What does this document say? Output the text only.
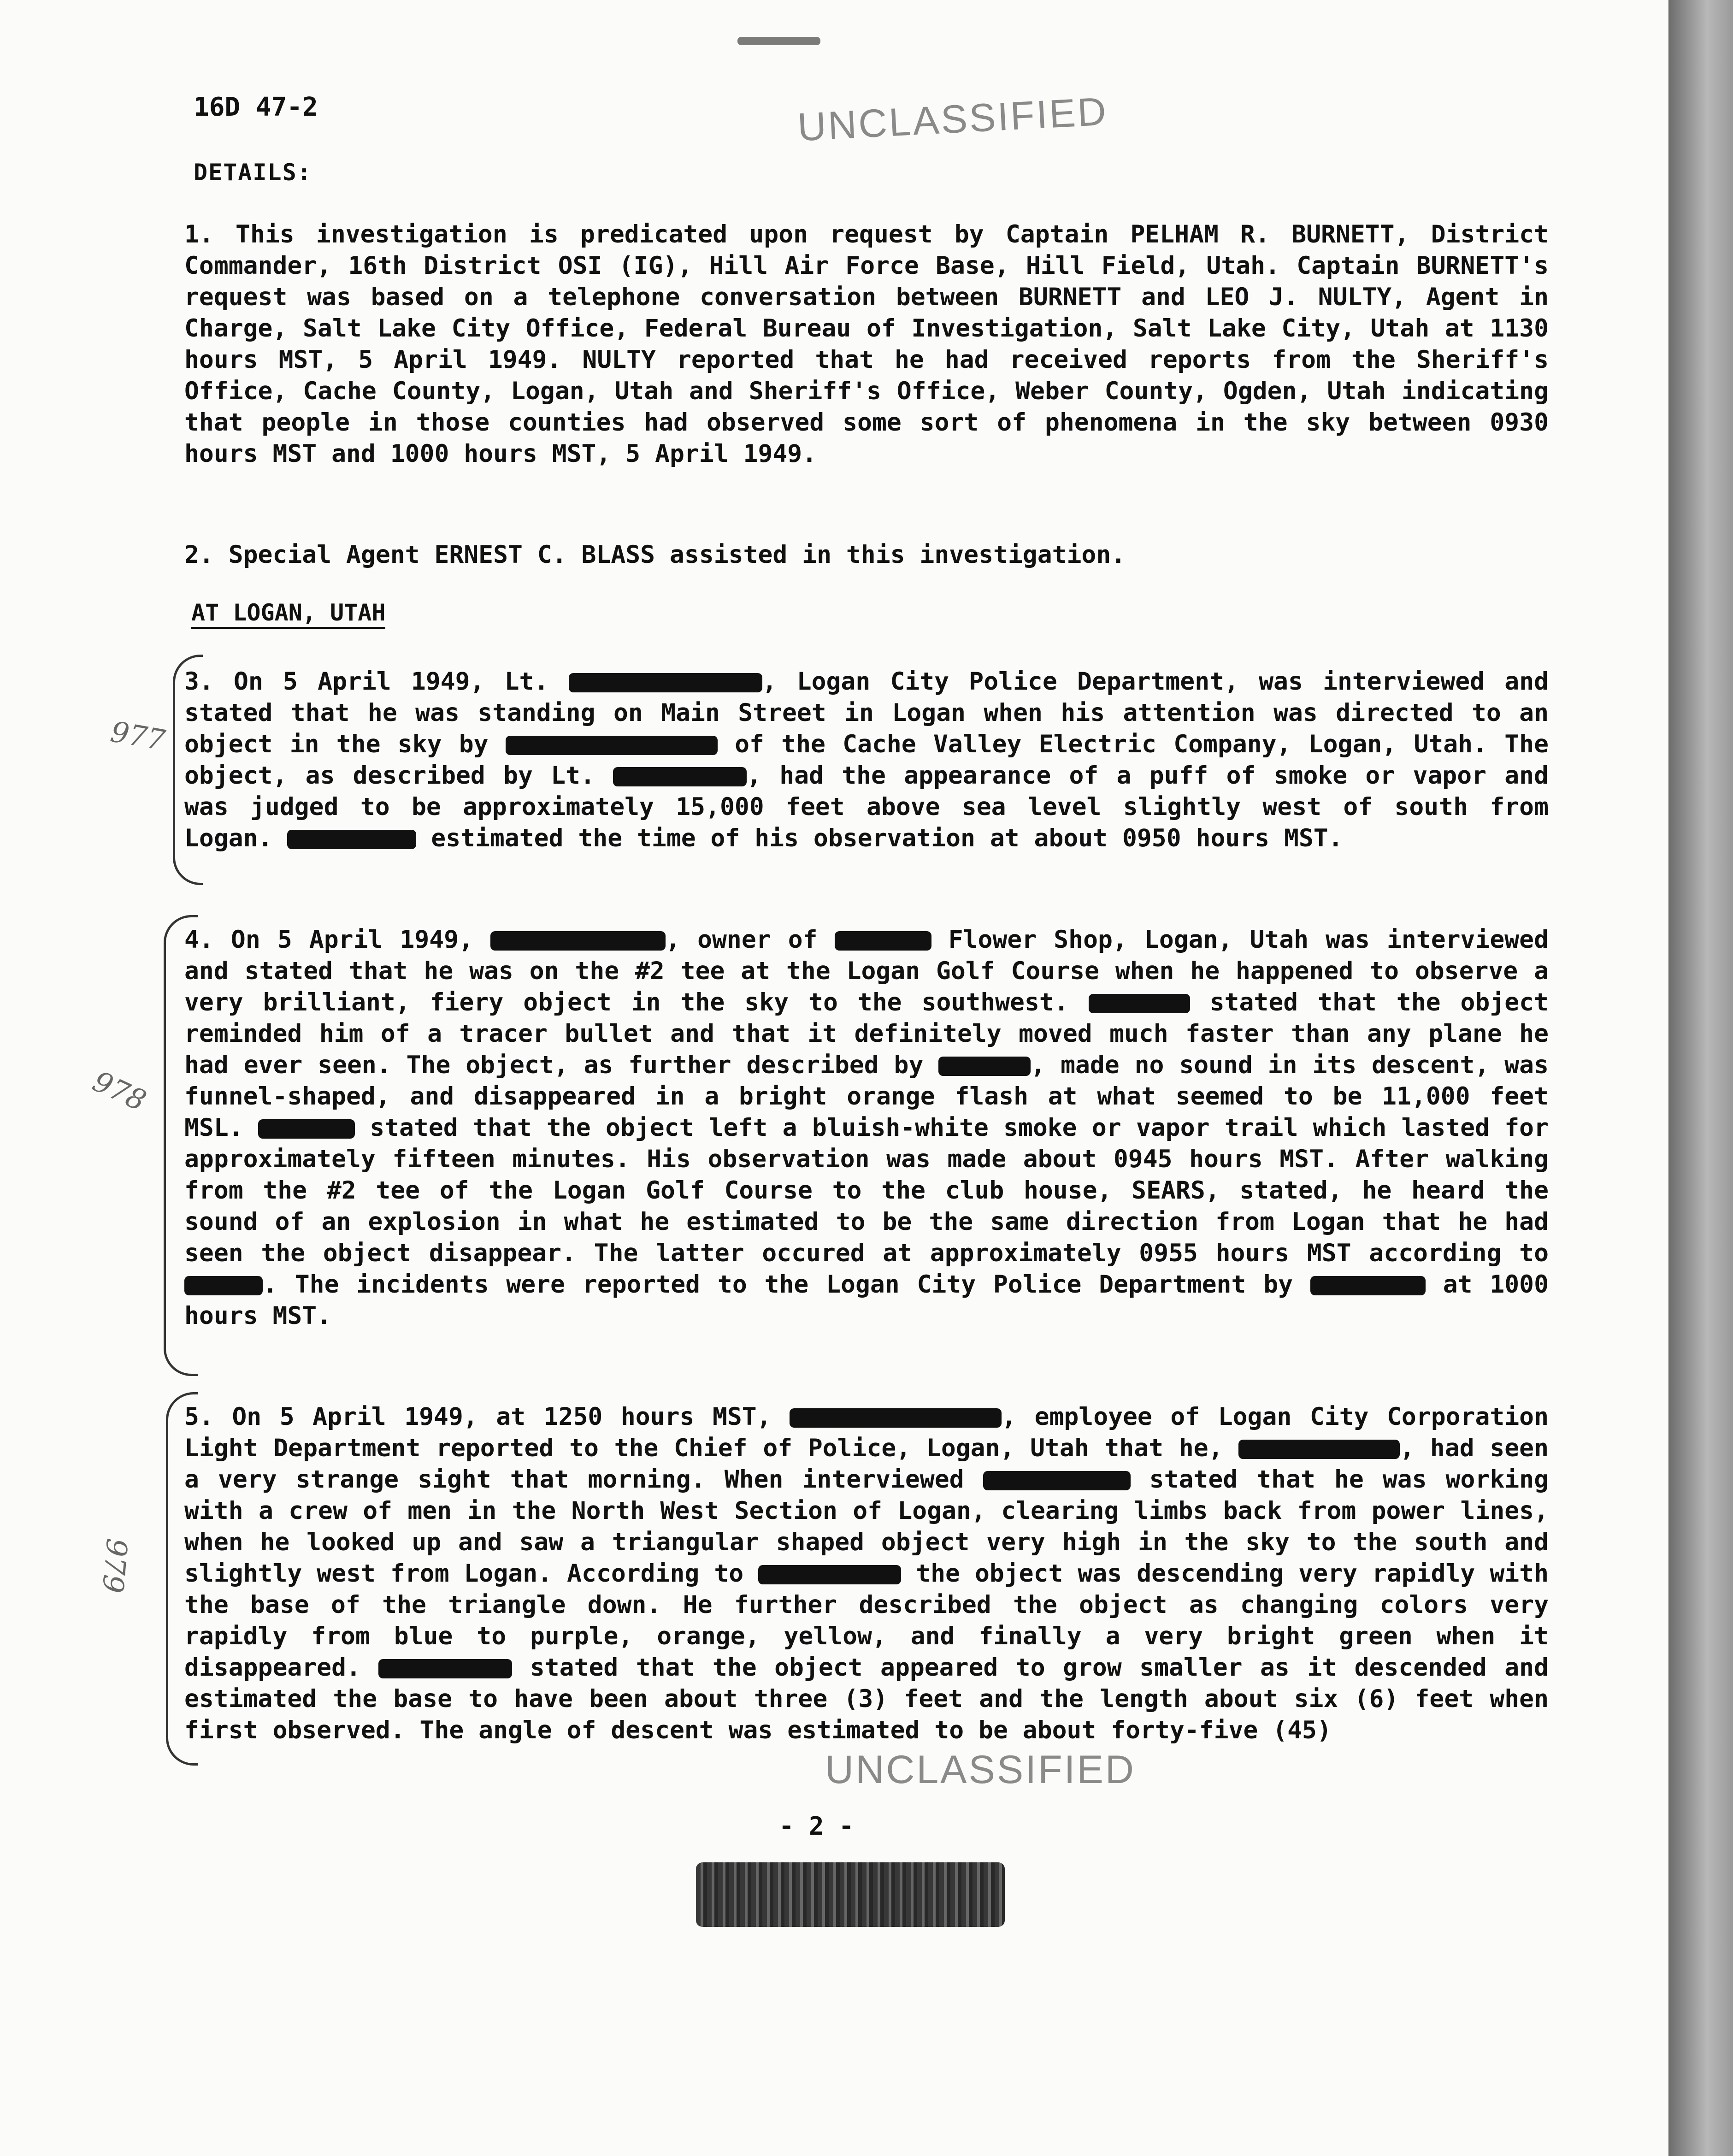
16D 47-2	UNCLASSIFIED
DETAILS:

1. This investigation is predicated upon request by Captain PELHAM R. BURNETT, District Commander, 16th District OSI (IG), Hill Air Force Base, Hill Field, Utah. Captain BURNETT's request was based on a telephone conversation between BURNETT and LEO J. NULTY, Agent in Charge, Salt Lake City Office, Federal Bureau of Investigation, Salt Lake City, Utah at 1130 hours MST, 5 April 1949. NULTY reported that he had received reports from the Sheriff's Office, Cache County, Logan, Utah and Sheriff's Office, Weber County, Ogden, Utah indicating that people in those counties had observed some sort of phenomena in the sky between 0930 hours MST and 1000 hours MST, 5 April 1949.

2. Special Agent ERNEST C. BLASS assisted in this investigation.

AT LOGAN, UTAH
977

3. On 5 April 1949, Lt.	, Logan City Police Department, was interviewed and stated that he was standing on Main Street in Logan when his attention was directed to an object in the sky by	of the Cache Valley Electric Company, Logan, Utah. The object, as described by Lt.	, had the appearance of a puff of smoke or vapor and was judged to be approximately 15,000 feet above sea level slightly west of south from Logan.	estimated the time of his observation at about 0950 hours MST.

978

4. On 5 April 1949,	, owner of	Flower Shop, Logan, Utah was interviewed and stated that he was on the #2 tee at the Logan Golf Course when he happened to observe a very brilliant, fiery object in the sky to the southwest.	stated that the object reminded him of a tracer bullet and that it definitely moved much faster than any plane he had ever seen. The object, as further described by	, made no sound in its descent, was funnel-shaped, and disappeared in a bright orange flash at what seemed to be 11,000 feet MSL.	stated that the object left a bluish-white smoke or vapor trail which lasted for approximately fifteen minutes. His observation was made about 0945 hours MST. After walking from the #2 tee of the Logan Golf Course to the club house, SEARS, stated, he heard the sound of an explosion in what he estimated to be the same direction from Logan that he had seen the object disappear. The latter occured at approximately 0955 hours MST according to . The incidents were reported to the Logan City Police Department by	at 1000 hours MST.

979

5. On 5 April 1949, at 1250 hours MST,	, employee of Logan City Corporation Light Department reported to the Chief of Police, Logan, Utah that he,	, had seen a very strange sight that morning. When interviewed	stated that he was working with a crew of men in the North West Section of Logan, clearing limbs back from power lines, when he looked up and saw a triangular shaped object very high in the sky to the south and slightly west from Logan. According to	the object was descending very rapidly with the base of the triangle down. He further described the object as changing colors very rapidly from blue to purple, orange, yellow, and finally a very bright green when it disappeared.	stated that the object appeared to grow smaller as it descended and estimated the base to have been about three (3) feet and the length about six (6) feet when first observed. The angle of descent was estimated to be about forty-five (45)

UNCLASSIFIED
- 2 -
